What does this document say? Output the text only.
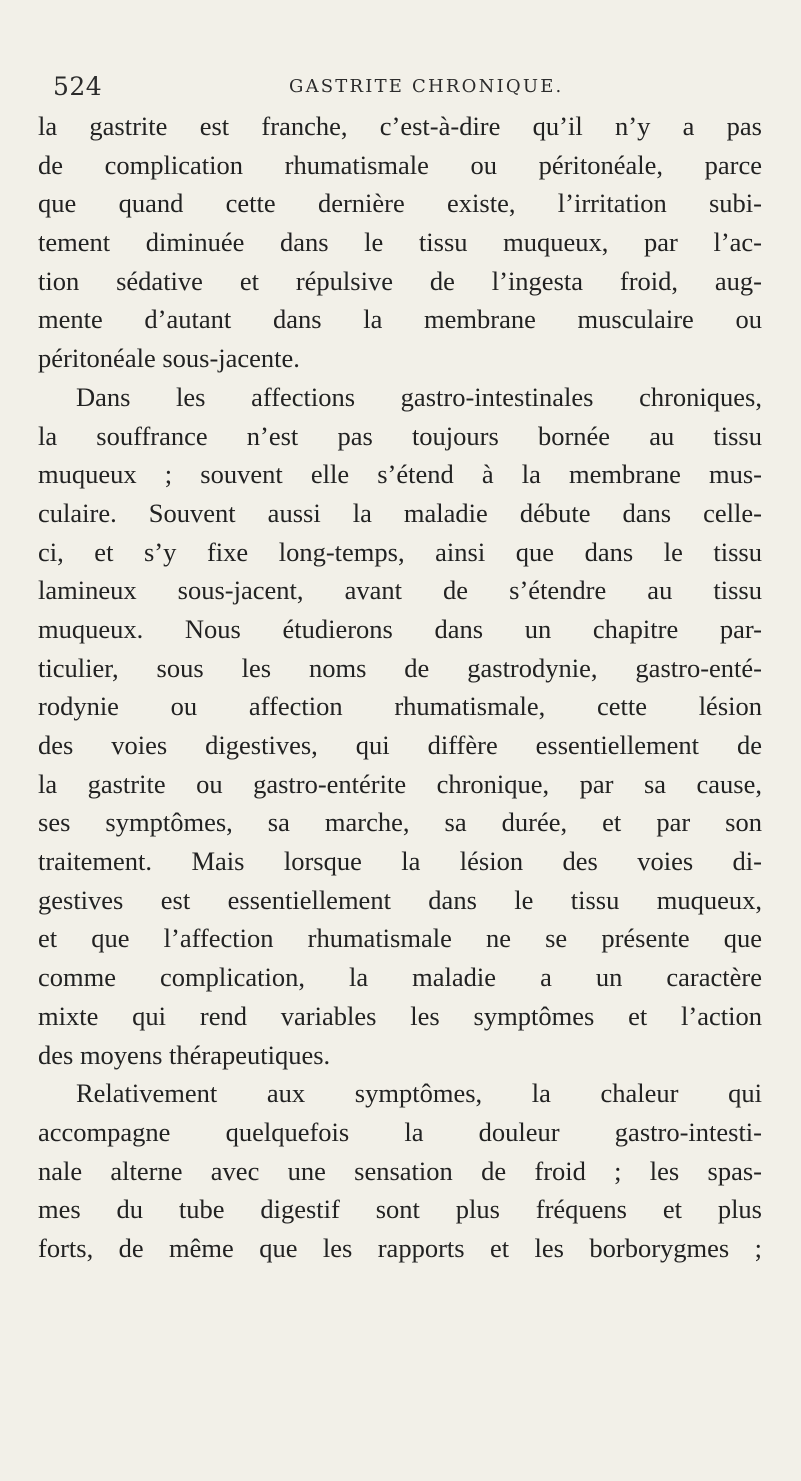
524	GASTRITE CHRONIQUE.
la gastrite est franche, c’est-à-dire qu’il n’y a pas
de complication rhumatismale ou péritonéale, parce
que quand cette dernière existe, l’irritation subi-
tement diminuée dans le tissu muqueux, par l’ac-
tion sédative et répulsive de l’ingesta froid, aug-
mente d’autant dans la membrane musculaire ou
péritonéale sous-jacente.
Dans les affections gastro-intestinales chroniques,
la souffrance n’est pas toujours bornée au tissu
muqueux ; souvent elle s’étend à la membrane mus-
culaire. Souvent aussi la maladie débute dans celle-
ci, et s’y fixe long-temps, ainsi que dans le tissu
lamineux sous-jacent, avant de s’étendre au tissu
muqueux. Nous étudierons dans un chapitre par-
ticulier, sous les noms de gastrodynie, gastro-enté-
rodynie ou affection rhumatismale, cette lésion
des voies digestives, qui diffère essentiellement de
la gastrite ou gastro-entérite chronique, par sa cause,
ses symptômes, sa marche, sa durée, et par son
traitement. Mais lorsque la lésion des voies di-
gestives est essentiellement dans le tissu muqueux,
et que l’affection rhumatismale ne se présente que
comme complication, la maladie a un caractère
mixte qui rend variables les symptômes et l’action
des moyens thérapeutiques.
Relativement aux symptômes, la chaleur qui
accompagne quelquefois la douleur gastro-intesti-
nale alterne avec une sensation de froid ; les spas-
mes du tube digestif sont plus fréquens et plus
forts, de même que les rapports et les borborygmes ;
